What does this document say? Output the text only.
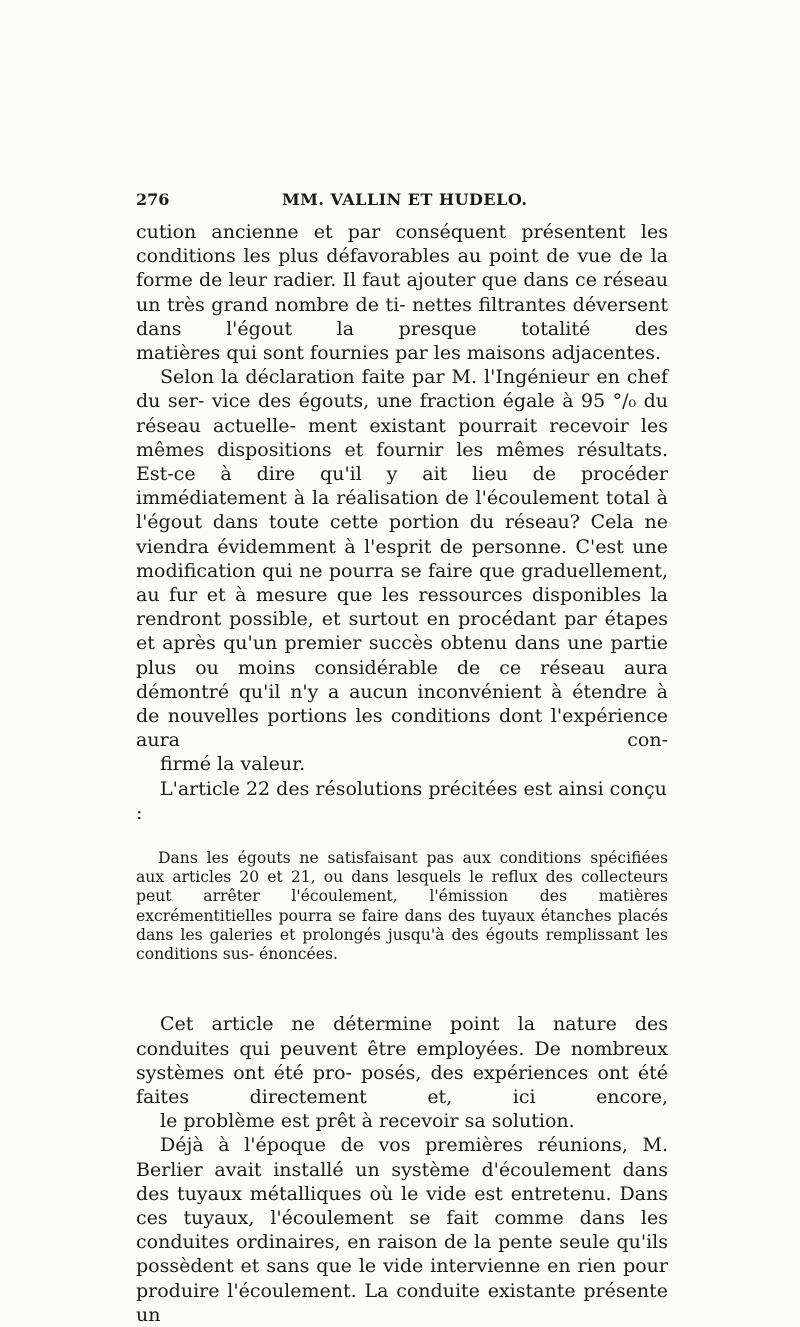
276	MM. VALLIN ET HUDELO.

cution ancienne et par conséquent présentent les conditions les plus défavorables au point de vue de la forme de leur radier. Il faut ajouter que dans ce réseau un très grand nombre de ti- nettes filtrantes déversent dans l'égout la presque totalité des
matières qui sont fournies par les maisons adjacentes.

Selon la déclaration faite par M. l'Ingénieur en chef du ser- vice des égouts, une fraction égale à 95 °/₀ du réseau actuelle- ment existant pourrait recevoir les mêmes dispositions et fournir les mêmes résultats. Est-ce à dire qu'il y ait lieu de procéder immédiatement à la réalisation de l'écoulement total à l'égout dans toute cette portion du réseau? Cela ne viendra évidemment à l'esprit de personne. C'est une modification qui ne pourra se faire que graduellement, au fur et à mesure que les ressources disponibles la rendront possible, et surtout en procédant par étapes et après qu'un premier succès obtenu dans une partie plus ou moins considérable de ce réseau aura démontré qu'il n'y a aucun inconvénient à étendre à de nouvelles portions les conditions dont l'expérience aura con-
firmé la valeur.

L'article 22 des résolutions précitées est ainsi conçu :

Dans les égouts ne satisfaisant pas aux conditions spécifiées aux articles 20 et 21, ou dans lesquels le reflux des collecteurs peut arrêter l'écoulement, l'émission des matières excrémentitielles pourra se faire dans des tuyaux étanches placés dans les galeries et prolongés jusqu'à des égouts remplissant les conditions sus- énoncées.

Cet article ne détermine point la nature des conduites qui peuvent être employées. De nombreux systèmes ont été pro- posés, des expériences ont été faites directement et, ici encore,
le problème est prêt à recevoir sa solution.

Déjà à l'époque de vos premières réunions, M. Berlier avait installé un système d'écoulement dans des tuyaux métalliques où le vide est entretenu. Dans ces tuyaux, l'écoulement se fait comme dans les conduites ordinaires, en raison de la pente seule qu'ils possèdent et sans que le vide intervienne en rien pour produire l'écoulement. La conduite existante présente un
